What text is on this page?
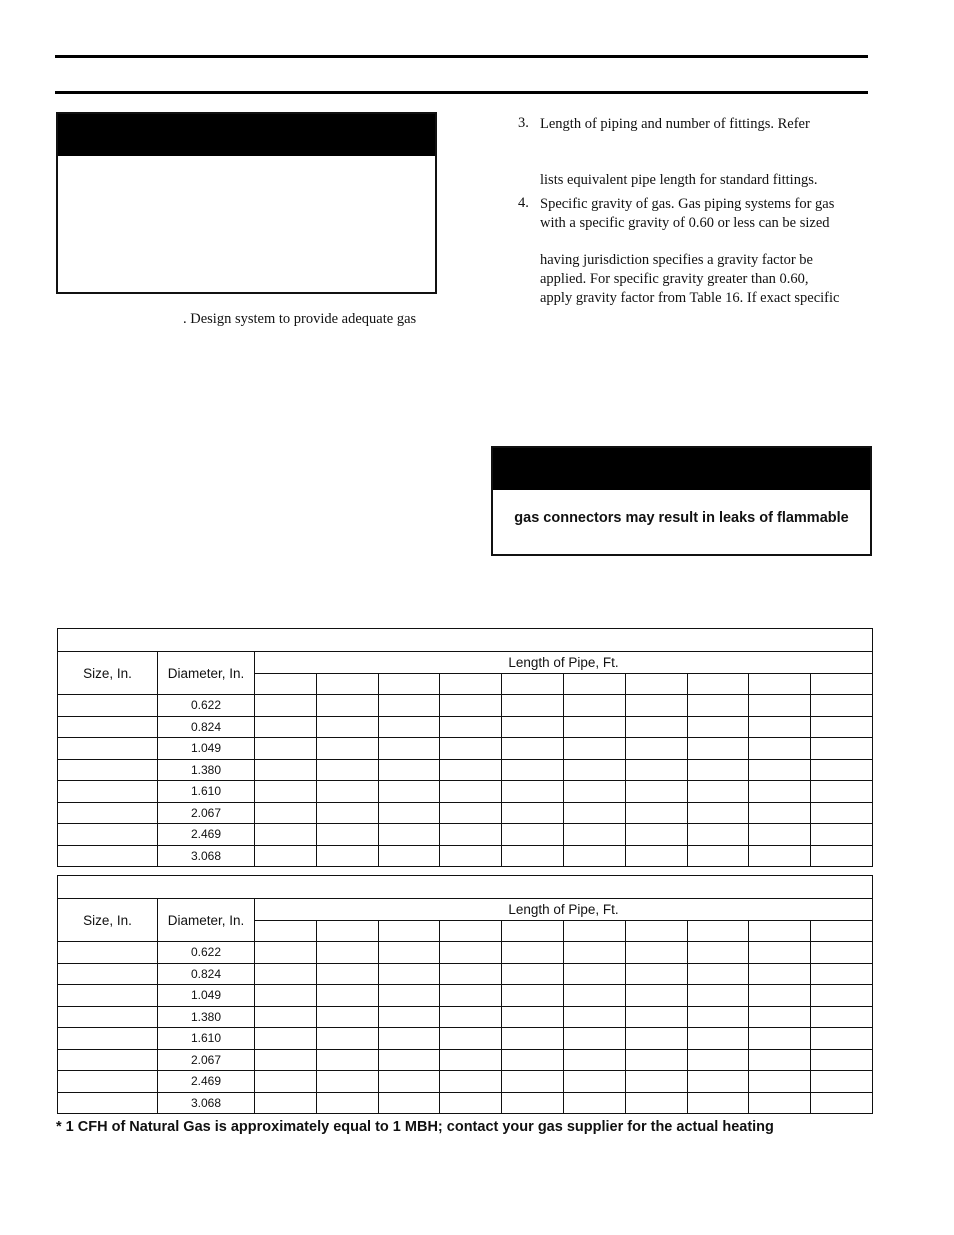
. Design system to provide adequate gas
3. Length of piping and number of fittings. Refer
lists equivalent pipe length for standard fittings.
4. Specific gravity of gas. Gas piping systems for gas
with a specific gravity of 0.60 or less can be sized
having jurisdiction specifies a gravity factor be
applied. For specific gravity greater than 0.60,
apply gravity factor from Table 16. If exact specific
gas connectors may result in leaks of flammable

Size, In.	Diameter, In.	Length of Pipe, Ft.									

	0.622										
	0.824										
	1.049										
	1.380										
	1.610										
	2.067										
	2.469										
	3.068										

Size, In.	Diameter, In.	Length of Pipe, Ft.									

	0.622										
	0.824										
	1.049										
	1.380										
	1.610										
	2.067										
	2.469										
	3.068										
* 1 CFH of Natural Gas is approximately equal to 1 MBH; contact your gas supplier for the actual heating
